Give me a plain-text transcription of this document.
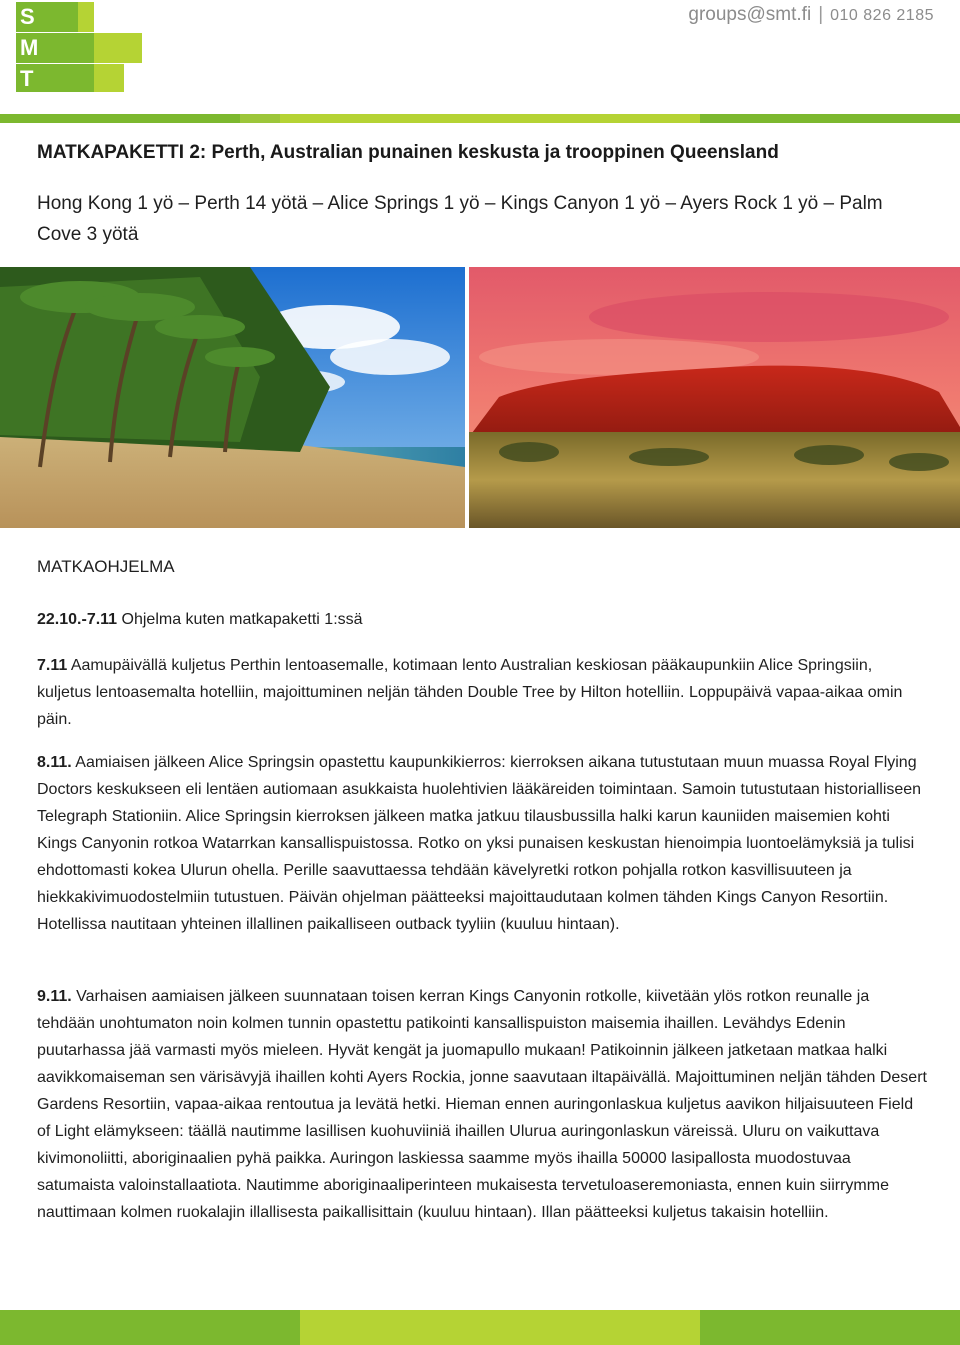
S
M
T
groups@smt.fi | 010 826 2185
MATKAPAKETTI 2: Perth, Australian punainen keskusta ja trooppinen Queensland
Hong Kong 1 yö – Perth 14 yötä – Alice Springs 1 yö – Kings Canyon 1 yö – Ayers Rock 1 yö – Palm Cove 3 yötä
MATKAOHJELMA
22.10.-7.11 Ohjelma kuten matkapaketti 1:ssä
7.11 Aamupäivällä kuljetus Perthin lentoasemalle, kotimaan lento Australian keskiosan pääkaupunkiin Alice Springsiin, kuljetus lentoasemalta hotelliin, majoittuminen neljän tähden Double Tree by Hilton hotelliin. Loppupäivä vapaa-aikaa omin päin.
8.11. Aamiaisen jälkeen Alice Springsin opastettu kaupunkikierros: kierroksen aikana tutustutaan muun muassa Royal Flying Doctors keskukseen eli lentäen autiomaan asukkaista huolehtivien lääkäreiden toimintaan. Samoin tutustutaan historialliseen Telegraph Stationiin. Alice Springsin kierroksen jälkeen matka jatkuu tilausbussilla halki karun kauniiden maisemien kohti Kings Canyonin rotkoa Watarrkan kansallispuistossa. Rotko on yksi punaisen keskustan hienoimpia luontoelämyksiä ja tulisi ehdottomasti kokea Ulurun ohella. Perille saavuttaessa tehdään kävelyretki rotkon pohjalla rotkon kasvillisuuteen ja hiekkakivimuodostelmiin tutustuen. Päivän ohjelman päätteeksi majoittaudutaan kolmen tähden Kings Canyon Resortiin. Hotellissa nautitaan yhteinen illallinen paikalliseen outback tyyliin (kuuluu hintaan).
9.11. Varhaisen aamiaisen jälkeen suunnataan toisen kerran Kings Canyonin rotkolle, kiivetään ylös rotkon reunalle ja tehdään unohtumaton noin kolmen tunnin opastettu patikointi kansallispuiston maisemia ihaillen. Levähdys Edenin puutarhassa jää varmasti myös mieleen. Hyvät kengät ja juomapullo mukaan! Patikoinnin jälkeen jatketaan matkaa halki aavikkomaiseman sen värisävyjä ihaillen kohti Ayers Rockia, jonne saavutaan iltapäivällä. Majoittuminen neljän tähden Desert Gardens Resortiin, vapaa-aikaa rentoutua ja levätä hetki. Hieman ennen auringonlaskua kuljetus aavikon hiljaisuuteen Field of Light elämykseen: täällä nautimme lasillisen kuohuviiniä ihaillen Ulurua auringonlaskun väreissä. Uluru on vaikuttava kivimonoliitti, aboriginaalien pyhä paikka. Auringon laskiessa saamme myös ihailla 50000 lasipallosta muodostuvaa satumaista valoinstallaatiota. Nautimme aboriginaaliperinteen mukaisesta tervetuloaseremoniasta, ennen kuin siirrymme nauttimaan kolmen ruokalajin illallisesta paikallisittain (kuuluu hintaan). Illan päätteeksi kuljetus takaisin hotelliin.
